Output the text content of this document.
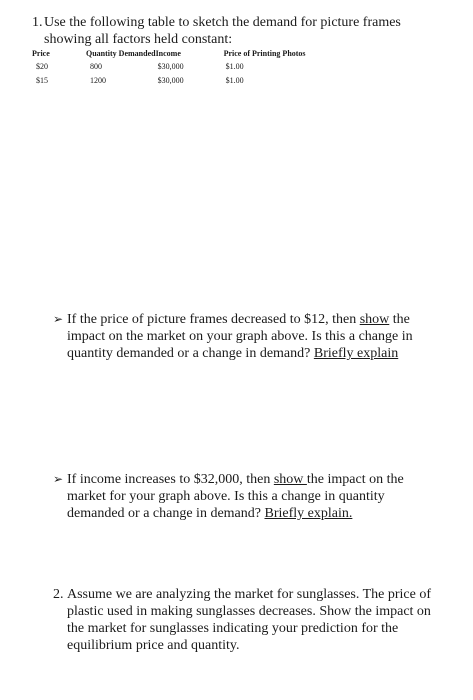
1. Use the following table to sketch the demand for picture frames showing all factors held constant:
Price	Quantity Demanded	Income	Price of Printing Photos
$20	800	$30,000	$1.00
$15	1200	$30,000	$1.00
➢ If the price of picture frames decreased to $12, then show the impact on the market on your graph above. Is this a change in quantity demanded or a change in demand? Briefly explain
➢ If income increases to $32,000, then show the impact on the market for your graph above. Is this a change in quantity demanded or a change in demand? Briefly explain.
2. Assume we are analyzing the market for sunglasses. The price of plastic used in making sunglasses decreases. Show the impact on the market for sunglasses indicating your prediction for the equilibrium price and quantity.
